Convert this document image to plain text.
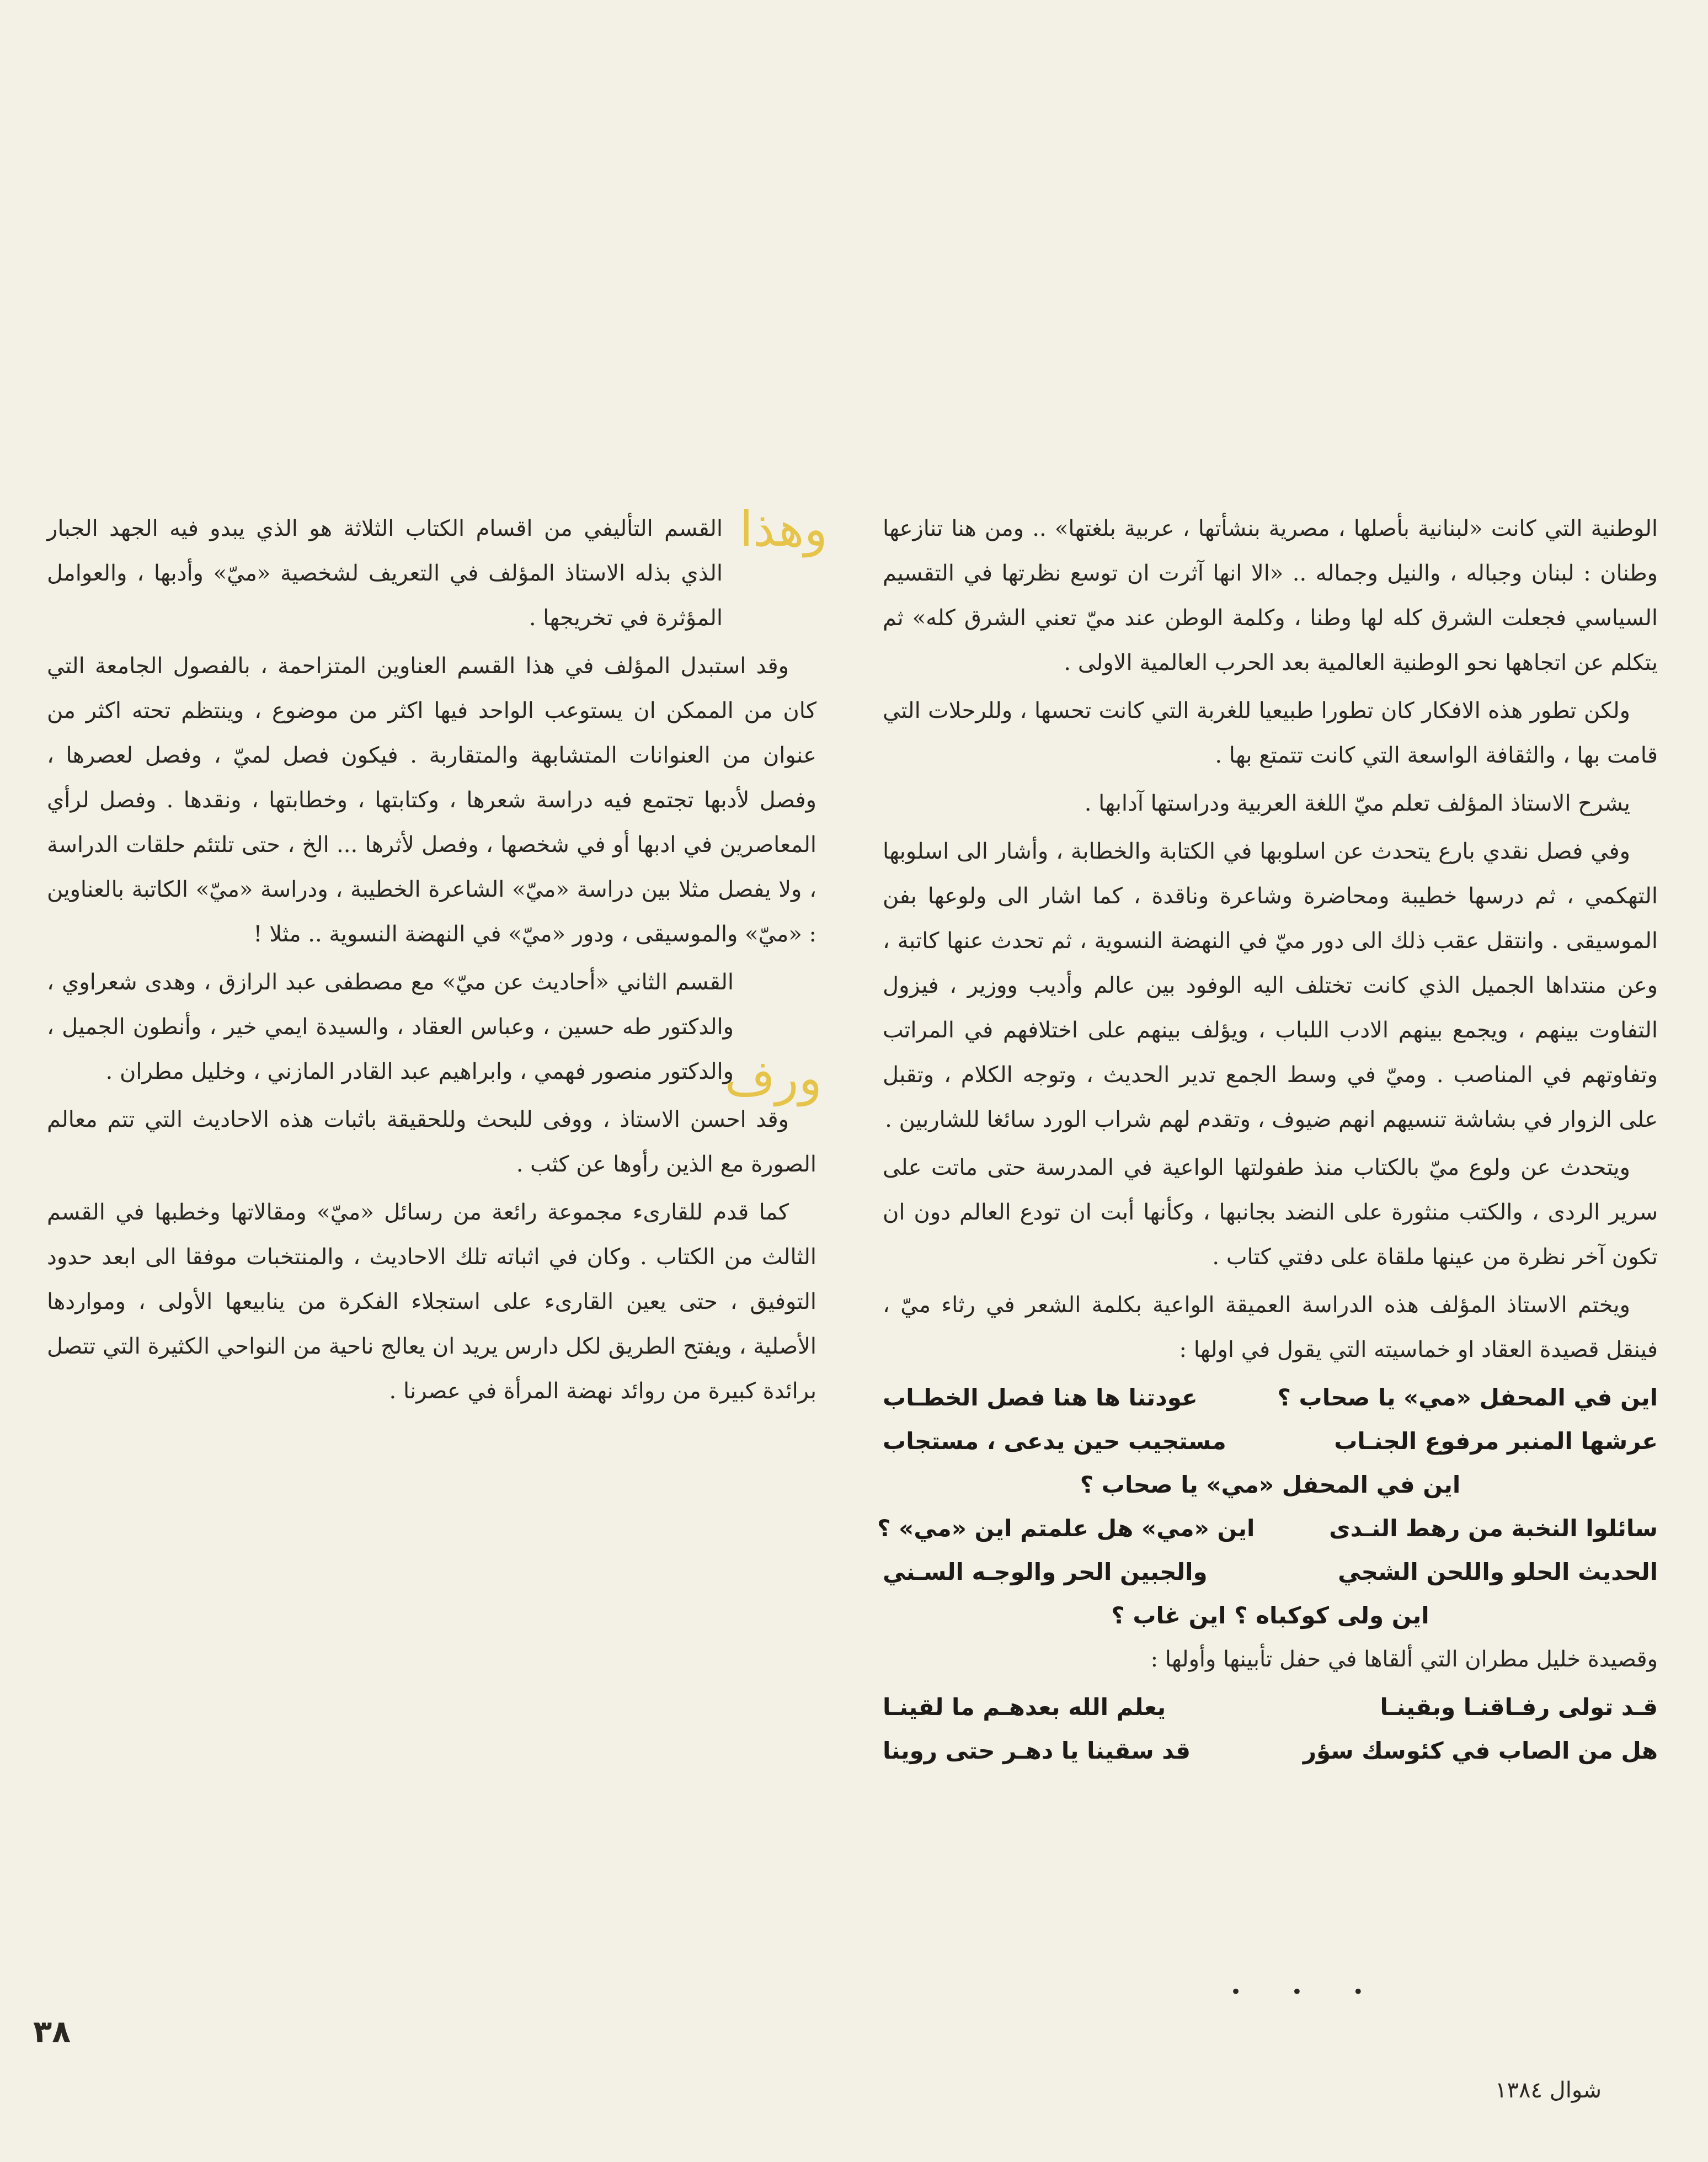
وهذا
ورف

الوطنية التي كانت «لبنانية بأصلها ، مصرية بنشأتها ، عربية بلغتها» .. ومن هنا تنازعها وطنان : لبنان وجباله ، والنيل وجماله .. «الا انها آثرت ان توسع نظرتها في التقسيم السياسي فجعلت الشرق كله لها وطنا ، وكلمة الوطن عند ميّ تعني الشرق كله» ثم يتكلم عن اتجاهها نحو الوطنية العالمية بعد الحرب العالمية الاولى .

ولكن تطور هذه الافكار كان تطورا طبيعيا للغربة التي كانت تحسها ، وللرحلات التي قامت بها ، والثقافة الواسعة التي كانت تتمتع بها .

يشرح الاستاذ المؤلف تعلم ميّ اللغة العربية ودراستها آدابها .

وفي فصل نقدي بارع يتحدث عن اسلوبها في الكتابة والخطابة ، وأشار الى اسلوبها التهكمي ، ثم درسها خطيبة ومحاضرة وشاعرة وناقدة ، كما اشار الى ولوعها بفن الموسيقى . وانتقل عقب ذلك الى دور ميّ في النهضة النسوية ، ثم تحدث عنها كاتبة ، وعن منتداها الجميل الذي كانت تختلف اليه الوفود بين عالم وأديب ووزير ، فيزول التفاوت بينهم ، ويجمع بينهم الادب اللباب ، ويؤلف بينهم على اختلافهم في المراتب وتفاوتهم في المناصب . وميّ في وسط الجمع تدير الحديث ، وتوجه الكلام ، وتقبل على الزوار في بشاشة تنسيهم انهم ضيوف ، وتقدم لهم شراب الورد سائغا للشاربين .

ويتحدث عن ولوع ميّ بالكتاب منذ طفولتها الواعية في المدرسة حتى ماتت على سرير الردى ، والكتب منثورة على النضد بجانبها ، وكأنها أبت ان تودع العالم دون ان تكون آخر نظرة من عينها ملقاة على دفتي كتاب .

ويختم الاستاذ المؤلف هذه الدراسة العميقة الواعية بكلمة الشعر في رثاء ميّ ، فينقل قصيدة العقاد او خماسيته التي يقول في اولها :

اين في المحفل «مي» يا صحاب ؟
عودتنا ها هنا فصل الخطـاب
عرشها المنبر مرفوع الجنـاب
مستجيب حين يدعى ، مستجاب
اين في المحفل «مي» يا صحاب ؟
سائلوا النخبة من رهط النـدى
اين «مي» هل علمتم اين «مي» ؟
الحديث الحلو واللحن الشجي
والجبين الحر والوجـه السـني
اين ولى كوكباه ؟ اين غاب ؟

وقصيدة خليل مطران التي ألقاها في حفل تأبينها وأولها :

قـد تولى رفـاقنـا وبقينـا
يعلم الله بعدهـم ما لقينـا
هل من الصاب في كئوسك سؤر
قد سقينا يا دهـر حتى روينا
• • •

القسم التأليفي من اقسام الكتاب الثلاثة هو الذي يبدو فيه الجهد الجبار الذي بذله الاستاذ المؤلف في التعريف لشخصية «ميّ» وأدبها ، والعوامل المؤثرة في تخريجها .

وقد استبدل المؤلف في هذا القسم العناوين المتزاحمة ، بالفصول الجامعة التي كان من الممكن ان يستوعب الواحد فيها اكثر من موضوع ، وينتظم تحته اكثر من عنوان من العنوانات المتشابهة والمتقاربة . فيكون فصل لميّ ، وفصل لعصرها ، وفصل لأدبها تجتمع فيه دراسة شعرها ، وكتابتها ، وخطابتها ، ونقدها . وفصل لرأي المعاصرين في ادبها أو في شخصها ، وفصل لأثرها ... الخ ، حتى تلتئم حلقات الدراسة ، ولا يفصل مثلا بين دراسة «ميّ» الشاعرة الخطيبة ، ودراسة «ميّ» الكاتبة بالعناوين : «ميّ» والموسيقى ، ودور «ميّ» في النهضة النسوية .. مثلا !

القسم الثاني «أحاديث عن ميّ» مع مصطفى عبد الرازق ، وهدى شعراوي ، والدكتور طه حسين ، وعباس العقاد ، والسيدة ايمي خير ، وأنطون الجميل ، والدكتور منصور فهمي ، وابراهيم عبد القادر المازني ، وخليل مطران .

وقد احسن الاستاذ ، ووفى للبحث وللحقيقة باثبات هذه الاحاديث التي تتم معالم الصورة مع الذين رأوها عن كثب .

كما قدم للقارىء مجموعة رائعة من رسائل «ميّ» ومقالاتها وخطبها في القسم الثالث من الكتاب . وكان في اثباته تلك الاحاديث ، والمنتخبات موفقا الى ابعد حدود التوفيق ، حتى يعين القارىء على استجلاء الفكرة من ينابيعها الأولى ، ومواردها الأصلية ، ويفتح الطريق لكل دارس يريد ان يعالج ناحية من النواحي الكثيرة التي تتصل برائدة كبيرة من روائد نهضة المرأة في عصرنا .

٣٨
شوال ١٣٨٤
